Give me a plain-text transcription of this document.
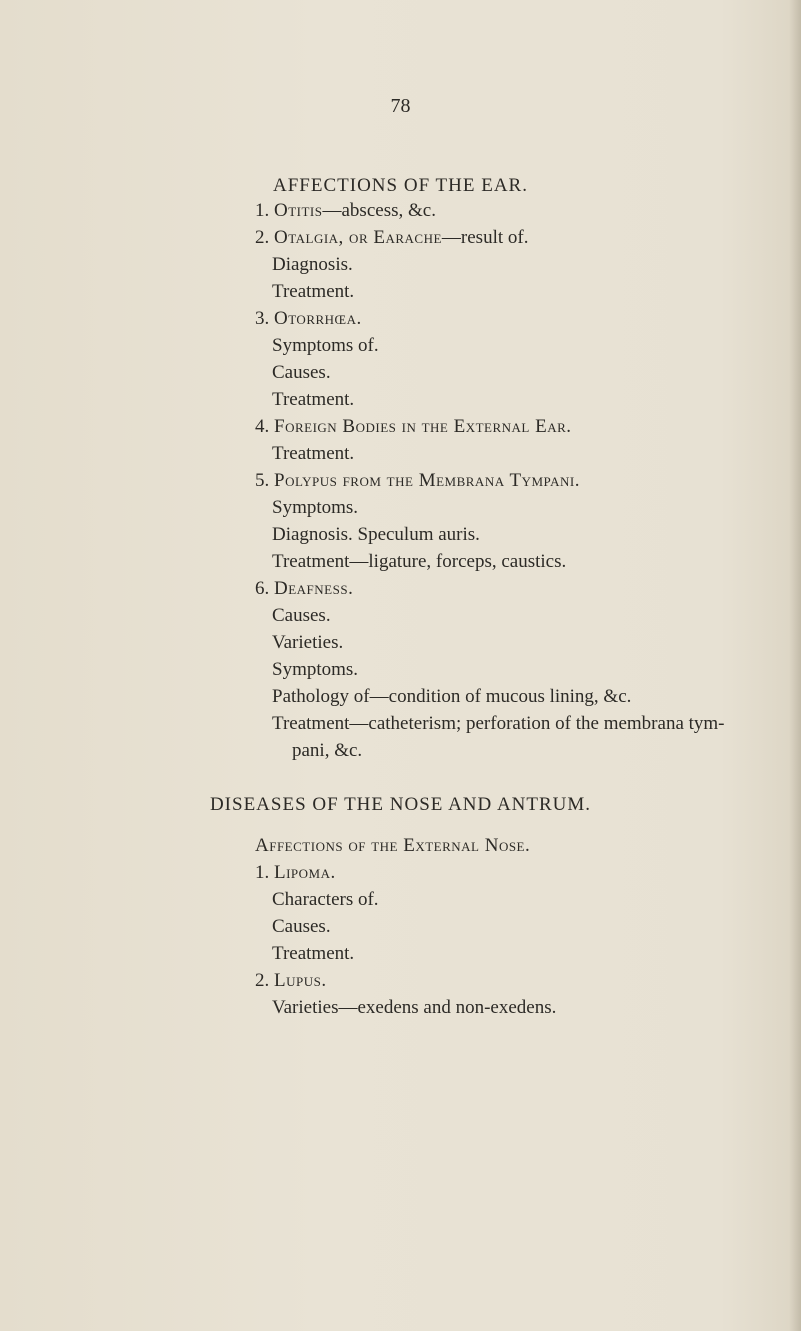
78
AFFECTIONS OF THE EAR.
1. Otitis—abscess, &c.
2. Otalgia, or Earache—result of.
Diagnosis.
Treatment.
3. Otorrhœa.
Symptoms of.
Causes.
Treatment.
4. Foreign Bodies in the External Ear.
Treatment.
5. Polypus from the Membrana Tympani.
Symptoms.
Diagnosis. Speculum auris.
Treatment—ligature, forceps, caustics.
6. Deafness.
Causes.
Varieties.
Symptoms.
Pathology of—condition of mucous lining, &c.
Treatment—catheterism; perforation of the membrana tym-
pani, &c.
DISEASES OF THE NOSE AND ANTRUM.
Affections of the External Nose.
1. Lipoma.
Characters of.
Causes.
Treatment.
2. Lupus.
Varieties—exedens and non-exedens.
